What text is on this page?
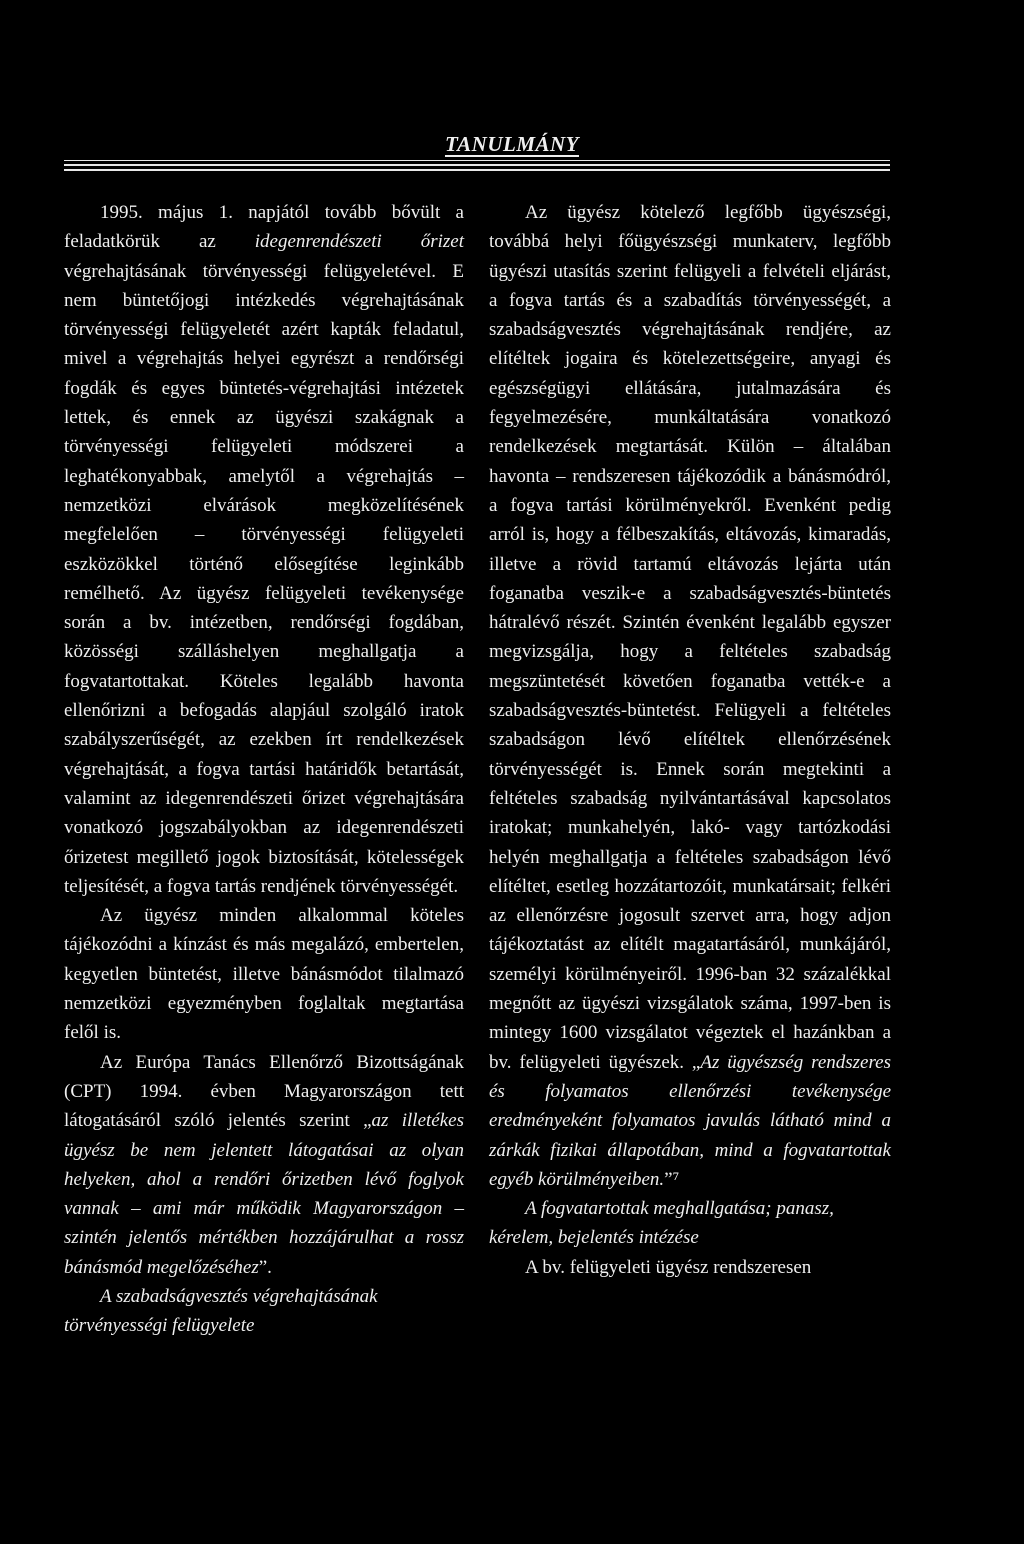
TANULMÁNY

1995. május 1. napjától tovább bővült a feladatkörük az idegenrendészeti őrizet végrehajtásának törvényességi felügyeletével. E nem büntetőjogi intézkedés végrehajtásának törvényességi felügyeletét azért kapták feladatul, mivel a végrehajtás helyei egyrészt a rendőrségi fogdák és egyes büntetés-végrehajtási intézetek lettek, és ennek az ügyészi szakágnak a törvényességi felügyeleti módszerei a leghatékonyabbak, amelytől a végrehajtás – nemzetközi elvárások megközelítésének megfelelően – törvényességi felügyeleti eszközökkel történő elősegítése leginkább remélhető. Az ügyész felügyeleti tevékenysége során a bv. intézetben, rendőrségi fogdában, közösségi szálláshelyen meghallgatja a fogvatartottakat. Köteles legalább havonta ellenőrizni a befogadás alapjául szolgáló iratok szabályszerűségét, az ezekben írt rendelkezések végrehajtását, a fogva tartási határidők betartását, valamint az idegenrendészeti őrizet végrehajtására vonatkozó jogszabályokban az idegenrendészeti őrizetest megillető jogok biztosítását, kötelességek teljesítését, a fogva tartás rendjének törvényességét.

Az ügyész minden alkalommal köteles tájékozódni a kínzást és más megalázó, embertelen, kegyetlen büntetést, illetve bánásmódot tilalmazó nemzetközi egyezményben foglaltak megtartása felől is.

Az Európa Tanács Ellenőrző Bizottságának (CPT) 1994. évben Magyarországon tett látogatásáról szóló jelentés szerint „az illetékes ügyész be nem jelentett látogatásai az olyan helyeken, ahol a rendőri őrizetben lévő foglyok vannak – ami már működik Magyarországon – szintén jelentős mértékben hozzájárulhat a rossz bánásmód megelőzéséhez”.

A szabadságvesztés végrehajtásának törvényességi felügyelete

Az ügyész kötelező legfőbb ügyészségi, továbbá helyi főügyészségi munkaterv, legfőbb ügyészi utasítás szerint felügyeli a felvételi eljárást, a fogva tartás és a szabadítás törvényességét, a szabadságvesztés végrehajtásának rendjére, az elítéltek jogaira és kötelezettségeire, anyagi és egészségügyi ellátására, jutalmazására és fegyelmezésére, munkáltatására vonatkozó rendelkezések megtartását. Külön – általában havonta – rendszeresen tájékozódik a bánásmódról, a fogva tartási körülményekről. Evenként pedig arról is, hogy a félbeszakítás, eltávozás, kimaradás, illetve a rövid tartamú eltávozás lejárta után foganatba veszik-e a szabadságvesztés-büntetés hátralévő részét. Szintén évenként legalább egyszer megvizsgálja, hogy a feltételes szabadság megszüntetését követően foganatba vették-e a szabadságvesztés-büntetést. Felügyeli a feltételes szabadságon lévő elítéltek ellenőrzésének törvényességét is. Ennek során megtekinti a feltételes szabadság nyilvántartásával kapcsolatos iratokat; munkahelyén, lakó- vagy tartózkodási helyén meghallgatja a feltételes szabadságon lévő elítéltet, esetleg hozzátartozóit, munkatársait; felkéri az ellenőrzésre jogosult szervet arra, hogy adjon tájékoztatást az elítélt magatartásáról, munkájáról, személyi körülményeiről. 1996-ban 32 százalékkal megnőtt az ügyészi vizsgálatok száma, 1997-ben is mintegy 1600 vizsgálatot végeztek el hazánkban a bv. felügyeleti ügyészek. „Az ügyészség rendszeres és folyamatos ellenőrzési tevékenysége eredményeként folyamatos javulás látható mind a zárkák fizikai állapotában, mind a fogvatartottak egyéb körülményeiben.”⁷

A fogvatartottak meghallgatása; panasz, kérelem, bejelentés intézése

A bv. felügyeleti ügyész rendszeresen
